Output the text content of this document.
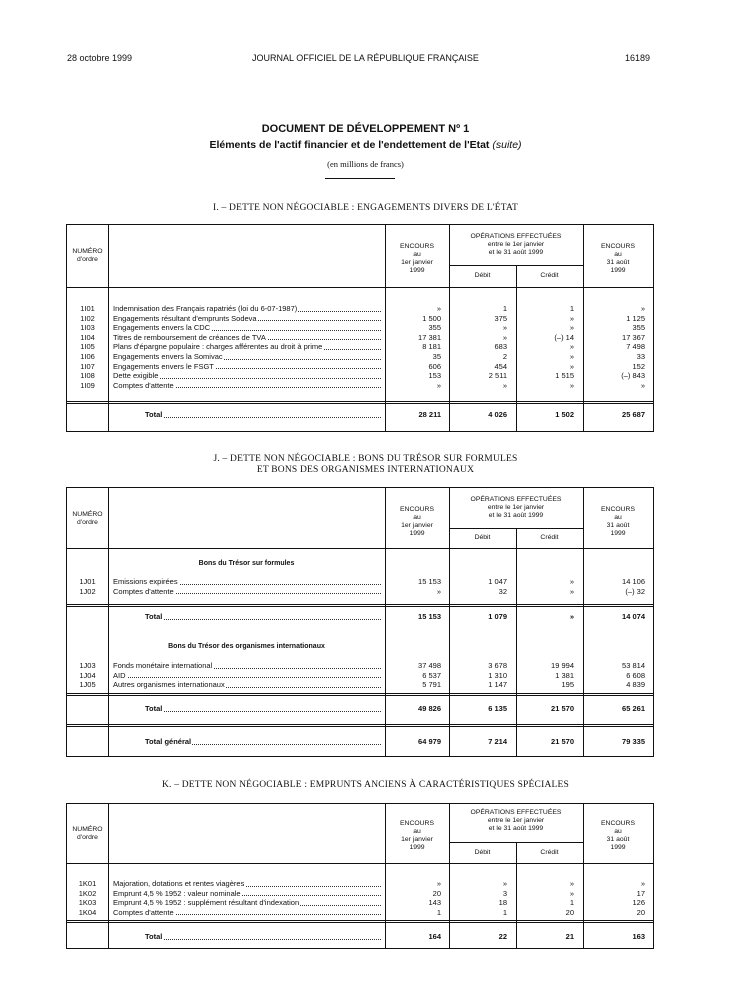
28 octobre 1999	JOURNAL OFFICIEL DE LA RÉPUBLIQUE FRANÇAISE	16189
DOCUMENT DE DÉVELOPPEMENT Nº 1
Eléments de l'actif financier et de l'endettement de l'Etat (suite)
(en millions de francs)
I. – DETTE NON NÉGOCIABLE : ENGAGEMENTS DIVERS DE L'ÉTAT
NUMÉRO
d'ordre
ENCOURS
au
1er janvier
1999
OPÉRATIONS EFFECTUÉES
entre le 1er janvier
et le 31 août 1999
Débit	Crédit
ENCOURS
au
31 août
1999
1I01	Indemnisation des Français rapatriés (loi du 6-07-1987)	»	1	1	»
1I02	Engagements résultant d'emprunts Sodeva	1 500	375	»	1 125
1I03	Engagements envers la CDC	355	»	»	355
1I04	Titres de remboursement de créances de TVA	17 381	»	(–) 14	17 367
1I05	Plans d'épargne populaire : charges afférentes au droit à prime	8 181	683	»	7 498
1I06	Engagements envers la Somivac	35	2	»	33
1I07	Engagements envers le FSGT	606	454	»	152
1I08	Dette exigible	153	2 511	1 515	(–) 843
1I09	Comptes d'attente	»	»	»	»
Total	28 211	4 026	1 502	25 687
J. – DETTE NON NÉGOCIABLE : BONS DU TRÉSOR SUR FORMULES
ET BONS DES ORGANISMES INTERNATIONAUX
NUMÉRO
d'ordre
ENCOURS
au
1er janvier
1999
OPÉRATIONS EFFECTUÉES
entre le 1er janvier
et le 31 août 1999
Débit	Crédit
ENCOURS
au
31 août
1999
Bons du Trésor sur formules
Bons du Trésor des organismes internationaux
1J01	Emissions expirées	15 153	1 047	»	14 106
1J02	Comptes d'attente	»	32	»	(–) 32
1J03	Fonds monétaire international	37 498	3 678	19 994	53 814
1J04	AID	6 537	1 310	1 381	6 608
1J05	Autres organismes internationaux	5 791	1 147	195	4 839
Total	15 153	1 079	»	14 074
Total	49 826	6 135	21 570	65 261
Total général	64 979	7 214	21 570	79 335
K. – DETTE NON NÉGOCIABLE : EMPRUNTS ANCIENS À CARACTÉRISTIQUES SPÉCIALES
NUMÉRO
d'ordre
ENCOURS
au
1er janvier
1999
OPÉRATIONS EFFECTUÉES
entre le 1er janvier
et le 31 août 1999
Débit	Crédit
ENCOURS
au
31 août
1999
1K01	Majoration, dotations et rentes viagères	»	»	»	»
1K02	Emprunt 4,5 % 1952 : valeur nominale	20	3	»	17
1K03	Emprunt 4,5 % 1952 : supplément résultant d'indexation	143	18	1	126
1K04	Comptes d'attente	1	1	20	20
Total	164	22	21	163
